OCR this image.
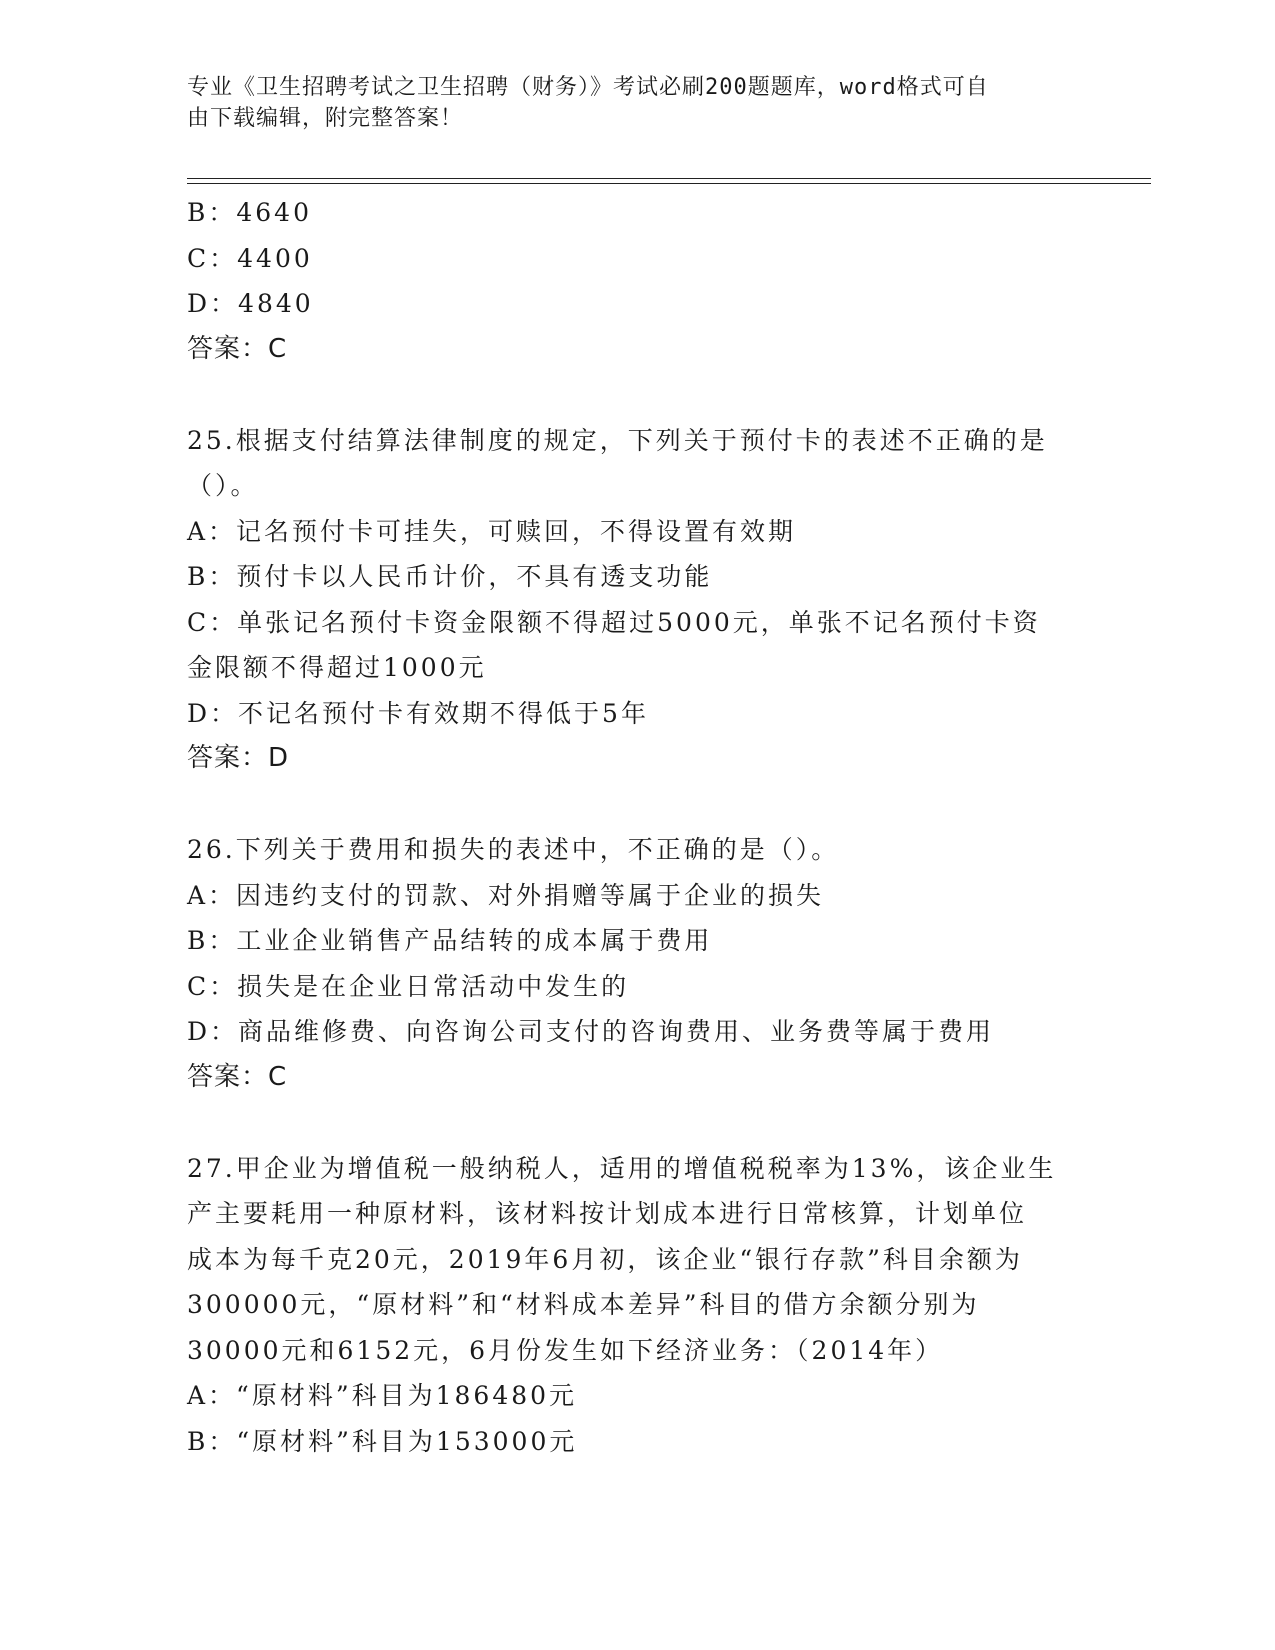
专业《卫生招聘考试之卫生招聘（财务）》考试必刷200题题库，word格式可自
由下载编辑，附完整答案！
B：4640
C：4400
D：4840
答案：C
25.根据支付结算法律制度的规定，下列关于预付卡的表述不正确的是
（）。
A：记名预付卡可挂失，可赎回，不得设置有效期
B：预付卡以人民币计价，不具有透支功能
C：单张记名预付卡资金限额不得超过5000元，单张不记名预付卡资
金限额不得超过1000元
D：不记名预付卡有效期不得低于5年
答案：D
26.下列关于费用和损失的表述中，不正确的是（）。
A：因违约支付的罚款、对外捐赠等属于企业的损失
B：工业企业销售产品结转的成本属于费用
C：损失是在企业日常活动中发生的
D：商品维修费、向咨询公司支付的咨询费用、业务费等属于费用
答案：C
27.甲企业为增值税一般纳税人，适用的增值税税率为13%，该企业生
产主要耗用一种原材料，该材料按计划成本进行日常核算，计划单位
成本为每千克20元，2019年6月初，该企业“银行存款”科目余额为
300000元，“原材料”和“材料成本差异”科目的借方余额分别为
30000元和6152元，6月份发生如下经济业务：（2014年）
A：“原材料”科目为186480元
B：“原材料”科目为153000元
